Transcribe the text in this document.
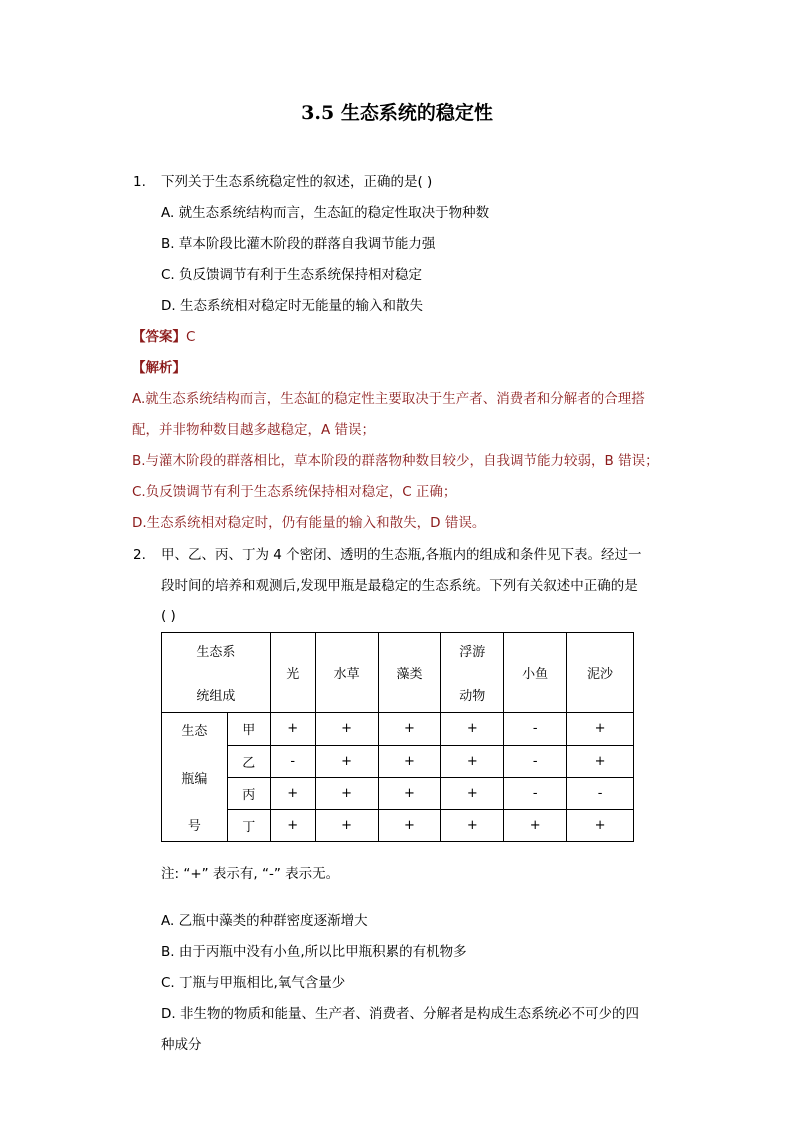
3.5 生态系统的稳定性
1. 下列关于生态系统稳定性的叙述，正确的是( )
A. 就生态系统结构而言，生态缸的稳定性取决于物种数
B. 草本阶段比灌木阶段的群落自我调节能力强
C. 负反馈调节有利于生态系统保持相对稳定
D. 生态系统相对稳定时无能量的输入和散失
【答案】C
【解析】
A.就生态系统结构而言，生态缸的稳定性主要取决于生产者、消费者和分解者的合理搭
配，并非物种数目越多越稳定，A 错误；
B.与灌木阶段的群落相比，草本阶段的群落物种数目较少，自我调节能力较弱，B 错误；
C.负反馈调节有利于生态系统保持相对稳定，C 正确；
D.生态系统相对稳定时，仍有能量的输入和散失，D 错误。
2. 甲、乙、丙、丁为 4 个密闭、透明的生态瓶,各瓶内的组成和条件见下表。经过一
段时间的培养和观测后,发现甲瓶是最稳定的生态系统。下列有关叙述中正确的是
( )
生态系
统组成		光	水草	藻类	浮游
动物	小鱼	泥沙

生态
瓶编
号	甲	+	+	+	+	-	+
	乙	-	+	+	+	-	+
	丙	+	+	+	+	-	-
	丁	+	+	+	+	+	+
注: “+” 表示有, “-” 表示无。
A. 乙瓶中藻类的种群密度逐渐增大
B. 由于丙瓶中没有小鱼,所以比甲瓶积累的有机物多
C. 丁瓶与甲瓶相比,氧气含量少
D. 非生物的物质和能量、生产者、消费者、分解者是构成生态系统必不可少的四
种成分
